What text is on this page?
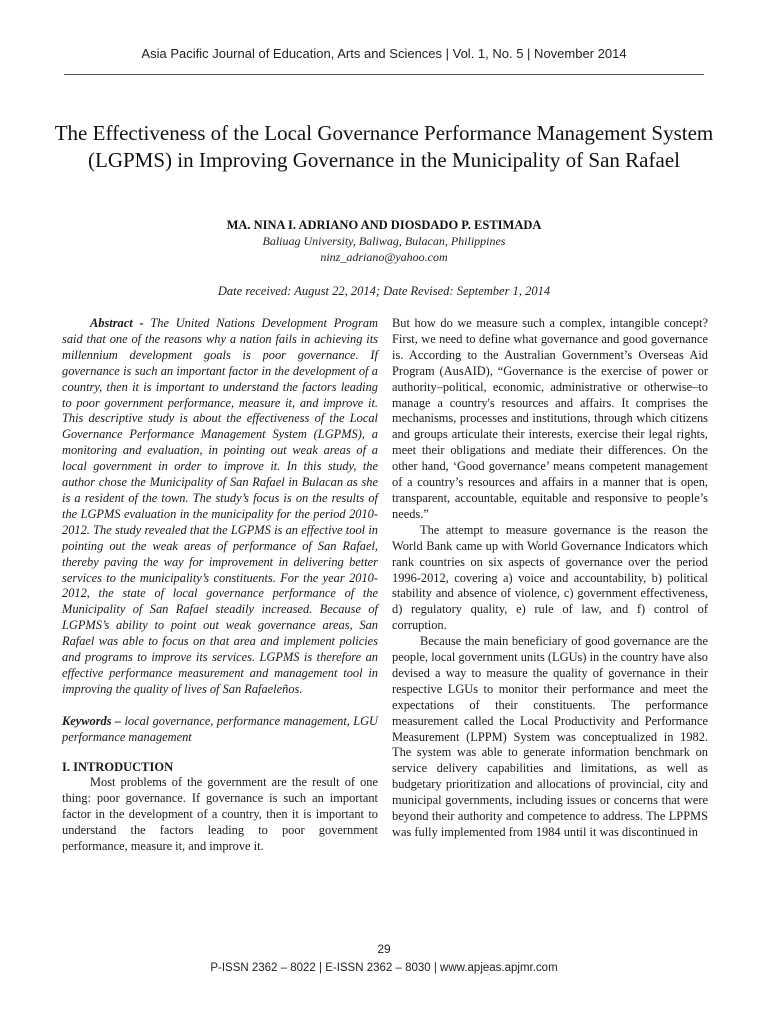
Asia Pacific Journal of Education, Arts and Sciences | Vol. 1, No. 5 | November 2014
The Effectiveness of the Local Governance Performance Management System (LGPMS) in Improving Governance in the Municipality of San Rafael
MA. NINA I. ADRIANO AND DIOSDADO P. ESTIMADA
Baliuag University, Baliwag, Bulacan, Philippines
ninz_adriano@yahoo.com
Date received: August 22, 2014; Date Revised: September 1, 2014

Abstract - The United Nations Development Program said that one of the reasons why a nation fails in achieving its millennium development goals is poor governance. If governance is such an important factor in the development of a country, then it is important to understand the factors leading to poor government performance, measure it, and improve it. This descriptive study is about the effectiveness of the Local Governance Performance Management System (LGPMS), a monitoring and evaluation, in pointing out weak areas of a local government in order to improve it. In this study, the author chose the Municipality of San Rafael in Bulacan as she is a resident of the town. The study’s focus is on the results of the LGPMS evaluation in the municipality for the period 2010-2012. The study revealed that the LGPMS is an effective tool in pointing out the weak areas of performance of San Rafael, thereby paving the way for improvement in delivering better services to the municipality’s constituents. For the year 2010-2012, the state of local governance performance of the Municipality of San Rafael steadily increased. Because of LGPMS’s ability to point out weak governance areas, San Rafael was able to focus on that area and implement policies and programs to improve its services. LGPMS is therefore an effective performance measurement and management tool in improving the quality of lives of San Rafaeleños.

Keywords – local governance, performance management, LGU performance management

I. INTRODUCTION

Most problems of the government are the result of one thing: poor governance. If governance is such an important factor in the development of a country, then it is important to understand the factors leading to poor government performance, measure it, and improve it.

But how do we measure such a complex, intangible concept? First, we need to define what governance and good governance is. According to the Australian Government’s Overseas Aid Program (AusAID), “Governance is the exercise of power or authority–political, economic, administrative or otherwise–to manage a country's resources and affairs. It comprises the mechanisms, processes and institutions, through which citizens and groups articulate their interests, exercise their legal rights, meet their obligations and mediate their differences. On the other hand, ‘Good governance’ means competent management of a country’s resources and affairs in a manner that is open, transparent, accountable, equitable and responsive to people’s needs.”

The attempt to measure governance is the reason the World Bank came up with World Governance Indicators which rank countries on six aspects of governance over the period 1996-2012, covering a) voice and accountability, b) political stability and absence of violence, c) government effectiveness, d) regulatory quality, e) rule of law, and f) control of corruption.

Because the main beneficiary of good governance are the people, local government units (LGUs) in the country have also devised a way to measure the quality of governance in their respective LGUs to monitor their performance and meet the expectations of their constituents. The performance measurement called the Local Productivity and Performance Measurement (LPPM) System was conceptualized in 1982. The system was able to generate information benchmark on service delivery capabilities and limitations, as well as budgetary prioritization and allocations of provincial, city and municipal governments, including issues or concerns that were beyond their authority and competence to address. The LPPMS was fully implemented from 1984 until it was discontinued in

29
P-ISSN 2362 – 8022 | E-ISSN 2362 – 8030 | www.apjeas.apjmr.com
